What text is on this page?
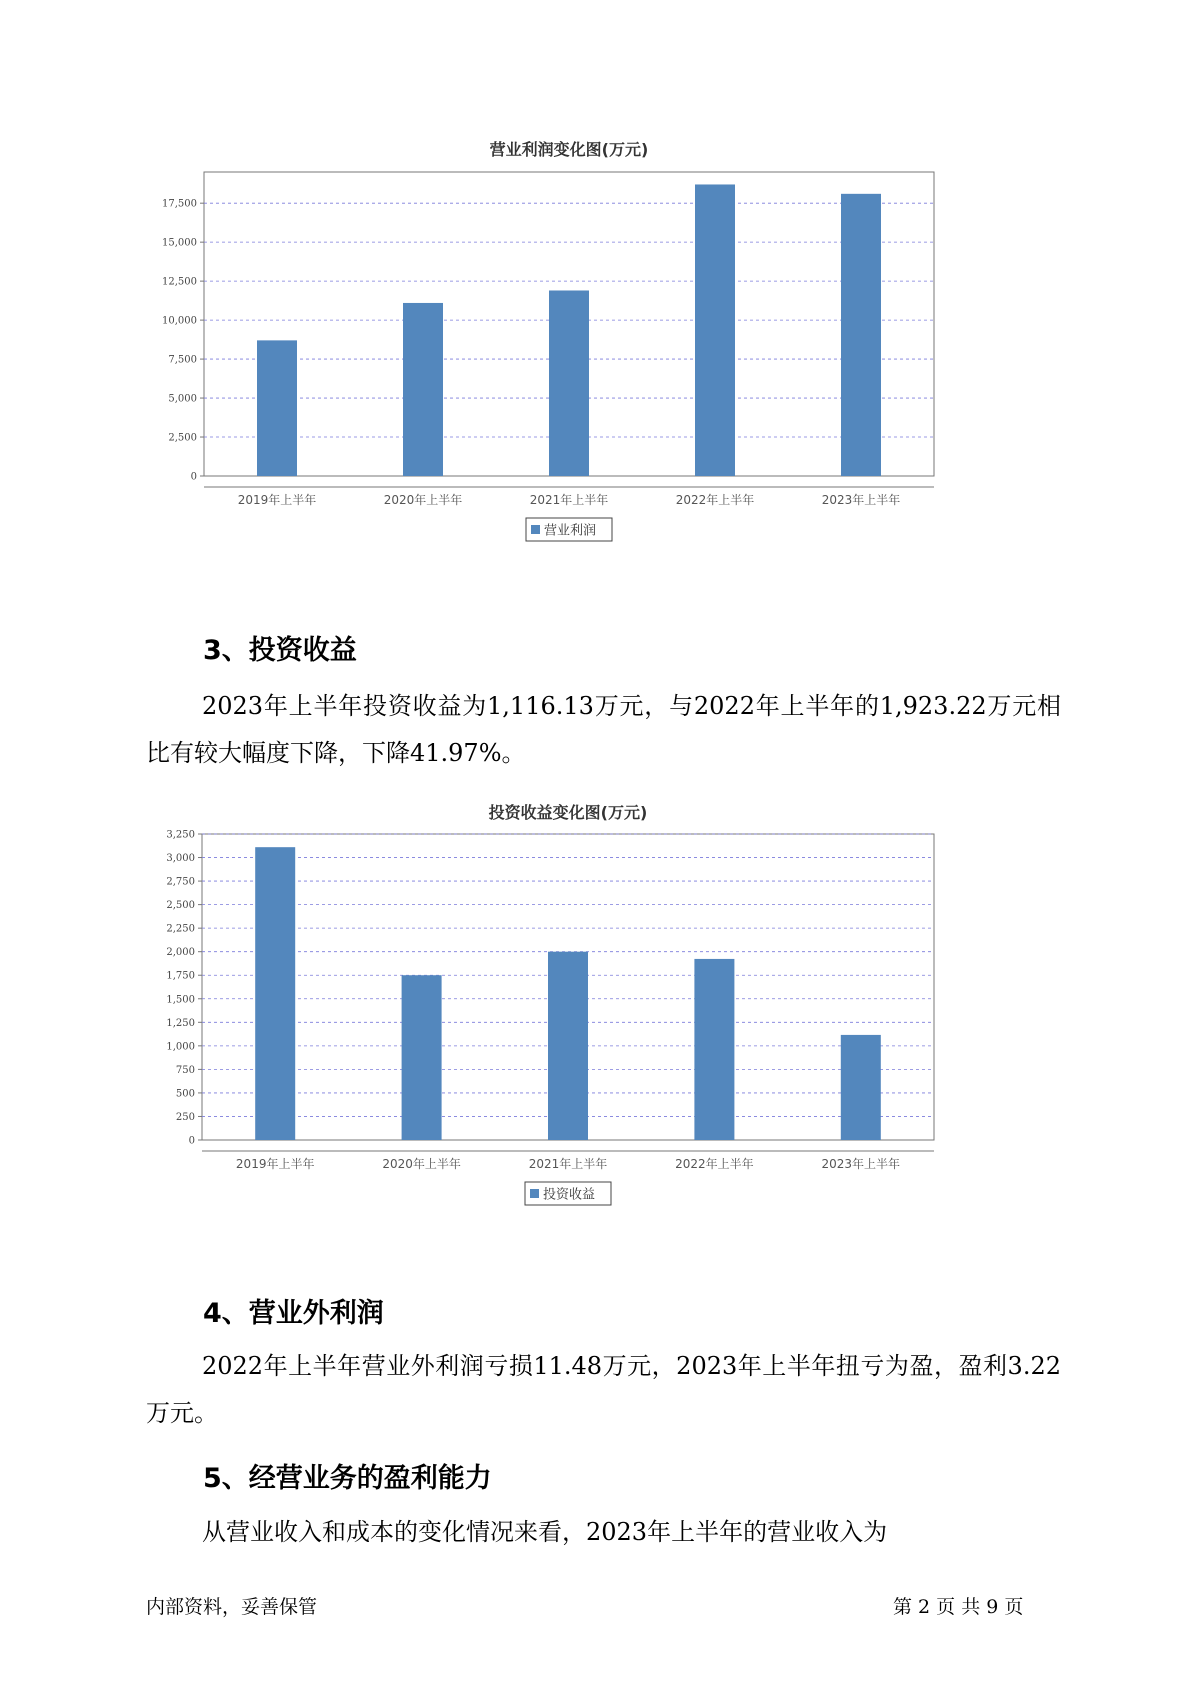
营业利润变化图(万元)
0
2,500
5,000
7,500
10,000
12,500
15,000
17,500
2019年上半年	2020年上半年	2021年上半年	2022年上半年	2023年上半年
营业利润
3、投资收益

2023年上半年投资收益为1,116.13万元，与2022年上半年的1,923.22万元相比有较大幅度下降，下降41.97%。

投资收益变化图(万元)
0
250
500
750
1,000
1,250
1,500
1,750
2,000
2,250
2,500
2,750
3,000
3,250
2019年上半年	2020年上半年	2021年上半年	2022年上半年	2023年上半年
投资收益
4、营业外利润

2022年上半年营业外利润亏损11.48万元，2023年上半年扭亏为盈，盈利3.22万元。

5、经营业务的盈利能力

从营业收入和成本的变化情况来看，2023年上半年的营业收入为

内部资料，妥善保管	第 2 页 共 9 页
